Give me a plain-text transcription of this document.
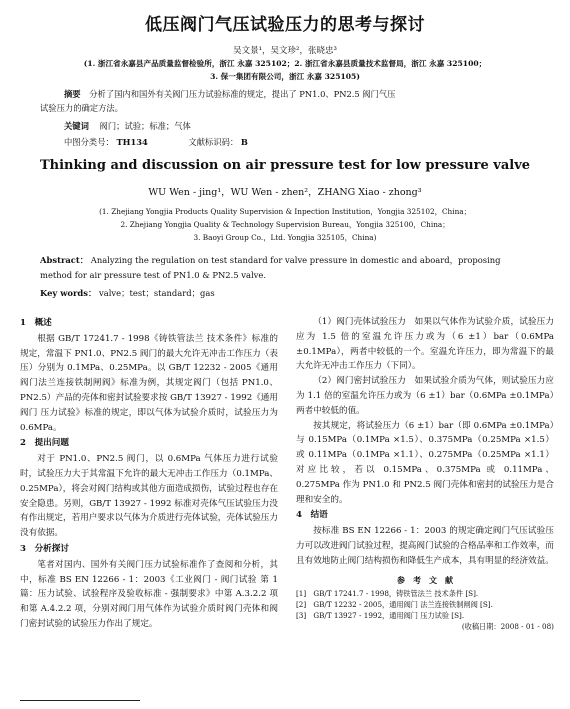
低压阀门气压试验压力的思考与探讨
吴文景¹，吴文珍²，张晓忠³
(1. 浙江省永嘉县产品质量监督检验所，浙江 永嘉 325102；2. 浙江省永嘉县质量技术监督局，浙江 永嘉 325100；
3. 保一集团有限公司，浙江 永嘉 325105)
摘要 分析了国内和国外有关阀门压力试验标准的规定，提出了 PN1.0、PN2.5 阀门气压
试验压力的确定方法。
关键词 阀门；试验；标准；气体
中图分类号： TH134	文献标识码： B
Thinking and discussion on air pressure test for low pressure valve
WU Wen - jing¹，WU Wen - zhen²，ZHANG Xiao - zhong³
(1. Zhejiang Yongjia Products Quality Supervision & Inpection Institution，Yongjia 325102，China；
2. Zhejiang Yongjia Quality & Technology Supervision Bureau，Yongjia 325100，China；
3. Baoyi Group Co.，Ltd. Yongjia 325105，China)
Abstract： Analyzing the regulation on test standard for valve pressure in domestic and aboard，proposing method for air pressure test of PN1.0 & PN2.5 valve.
Key words： valve；test；standard；gas

1　概述

根据 GB/T 17241.7 - 1998《铸铁管法兰 技术条件》标准的规定，常温下 PN1.0、PN2.5 阀门的最大允许无冲击工作压力（表压）分别为 0.1MPa、0.25MPa。以 GB/T 12232 - 2005《通用阀门法兰连接铁制闸阀》标准为例，其规定阀门（包括 PN1.0、PN2.5）产品的壳体和密封试验要求按 GB/T 13927 - 1992《通用阀门 压力试验》标准的规定，即以气体为试验介质时，试验压力为 0.6MPa。

2　提出问题

对于 PN1.0、PN2.5 阀门，以 0.6MPa 气体压力进行试验时，试验压力大于其常温下允许的最大无冲击工作压力（0.1MPa、0.25MPa），将会对阀门结构或其他方面造成损伤，试验过程也存在安全隐患。另则，GB/T 13927 - 1992 标准对壳体气压试验压力没有作出规定，若用户要求以气体为介质进行壳体试验，壳体试验压力没有依据。

3　分析探讨

笔者对国内、国外有关阀门压力试验标准作了查阅和分析，其中，标准 BS EN 12266 - 1：2003《工业阀门 - 阀门试验 第 1 篇：压力试验、试验程序及验收标准 - 强制要求》中第 A.3.2.2 项和第 A.4.2.2 项，分别对阀门用气体作为试验介质时阀门壳体和阀门密封试验的试验压力作出了规定。

（1）阀门壳体试验压力　如果以气体作为试验介质，试验压力应为 1.5 倍的室温允许压力或为（6 ±1）bar（0.6MPa ±0.1MPa），两者中较低的一个。室温允许压力，即为常温下的最大允许无冲击工作压力（下同）。

（2）阀门密封试验压力　如果试验介质为气体，则试验压力应为 1.1 倍的室温允许压力或为（6 ±1）bar（0.6MPa ±0.1MPa）两者中较低的值。

按其规定，将试验压力（6 ±1）bar（即 0.6MPa ±0.1MPa）与 0.15MPa（0.1MPa ×1.5）、0.375MPa（0.25MPa ×1.5）或 0.11MPa（0.1MPa ×1.1）、0.275MPa（0.25MPa ×1.1）对应比较，若以 0.15MPa、0.375MPa 或 0.11MPa、0.275MPa 作为 PN1.0 和 PN2.5 阀门壳体和密封的试验压力是合理和安全的。

4　结语

按标准 BS EN 12266 - 1：2003 的规定确定阀门气压试验压力可以改进阀门试验过程，提高阀门试验的合格品率和工作效率，而且有效地防止阀门结构损伤和降低生产成本，具有明显的经济效益。

参　考　文　献

[1]　GB/T 17241.7 - 1998，铸铁管法兰 技术条件 [S].
[2]　GB/T 12232 - 2005，通用阀门 法兰连接铁制闸阀 [S].
[3]　GB/T 13927 - 1992，通用阀门 压力试验 [S].
(收稿日期：2008 - 01 - 08)
